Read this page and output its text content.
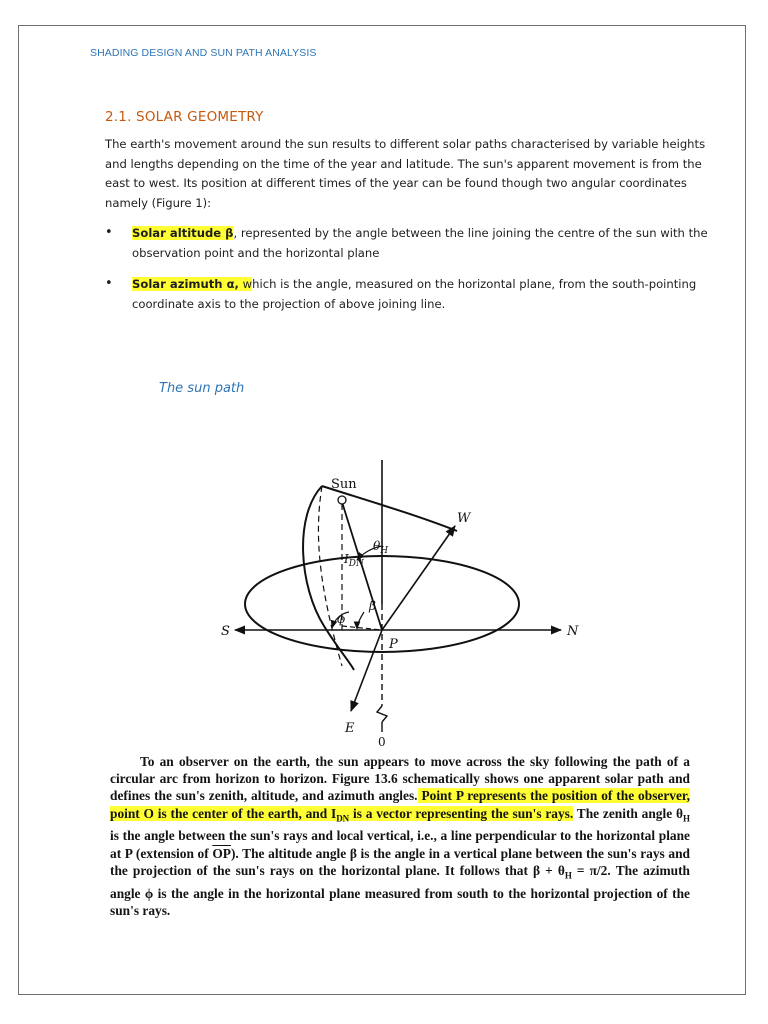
SHADING DESIGN AND SUN PATH ANALYSIS
2.1. SOLAR GEOMETRY

The earth's movement around the sun results to different solar paths characterised by variable heights and lengths depending on the time of the year and latitude. The sun's apparent movement is from the east to west. Its position at different times of the year can be found though two angular coordinates namely (Figure 1):

• Solar altitude β, represented by the angle between the line joining the centre of the sun with the observation point and the horizontal plane
• Solar azimuth α, which is the angle, measured on the horizontal plane, from the south-pointing coordinate axis to the projection of above joining line.
The sun path
Sun
W
S	N
E
P
0
$\theta_H$
$I_{DN}$
β
ϕ

To an observer on the earth, the sun appears to move across the sky following the path of a circular arc from horizon to horizon. Figure 13.6 schematically shows one apparent solar path and defines the sun's zenith, altitude, and azimuth angles. Point P represents the position of the observer, point O is the center of the earth, and $I_{DN}$ is a vector representing the sun's rays. The zenith angle $\theta_H$ is the angle between the sun's rays and local vertical, i.e., a line perpendicular to the horizontal plane at P (extension of $\overline{OP}$). The altitude angle β is the angle in a vertical plane between the sun's rays and the projection of the sun's rays on the horizontal plane. It follows that $\beta + \theta_H = \pi/2$. The azimuth angle ϕ is the angle in the horizontal plane measured from south to the horizontal projection of the sun's rays.
